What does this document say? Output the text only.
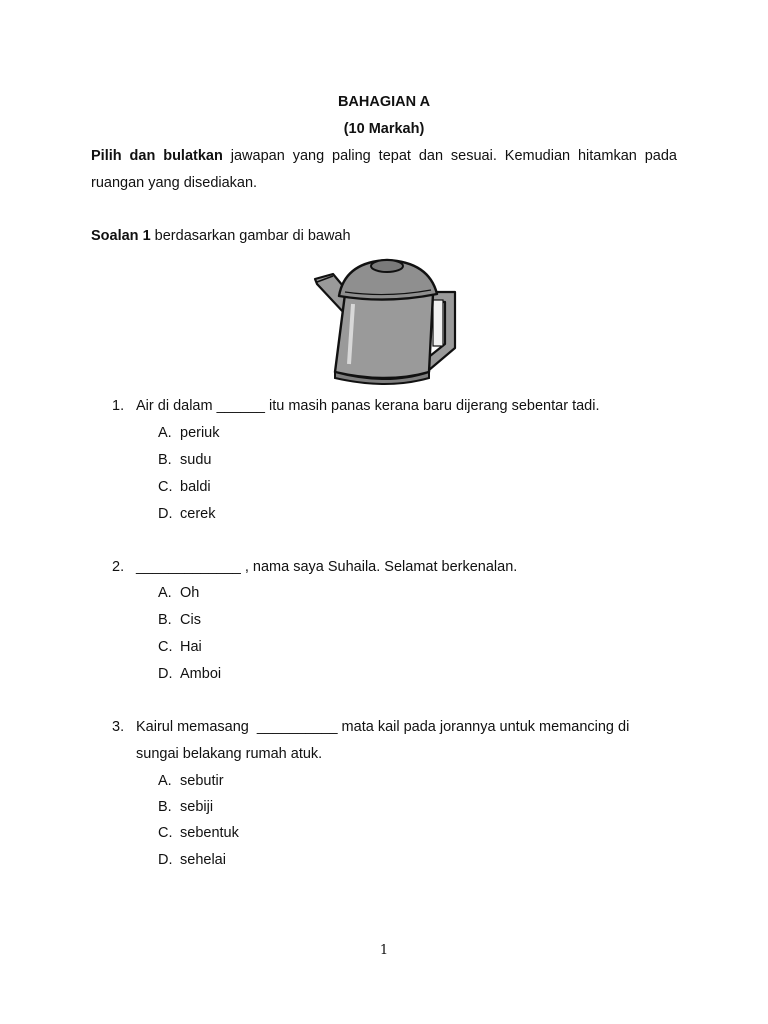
BAHAGIAN A
(10 Markah)
Pilih dan bulatkan jawapan yang paling tepat dan sesuai. Kemudian hitamkan pada
ruangan yang disediakan.
Soalan 1 berdasarkan gambar di bawah
1. Air di dalam ______ itu masih panas kerana baru dijerang sebentar tadi.
A. periuk
B. sudu
C. baldi
D. cerek
2. _____________ , nama saya Suhaila. Selamat berkenalan.
A. Oh
B. Cis
C. Hai
D. Amboi
3. Kairul memasang  __________ mata kail pada jorannya untuk memancing di
sungai belakang rumah atuk.
A. sebutir
B. sebiji
C. sebentuk
D. sehelai
1
